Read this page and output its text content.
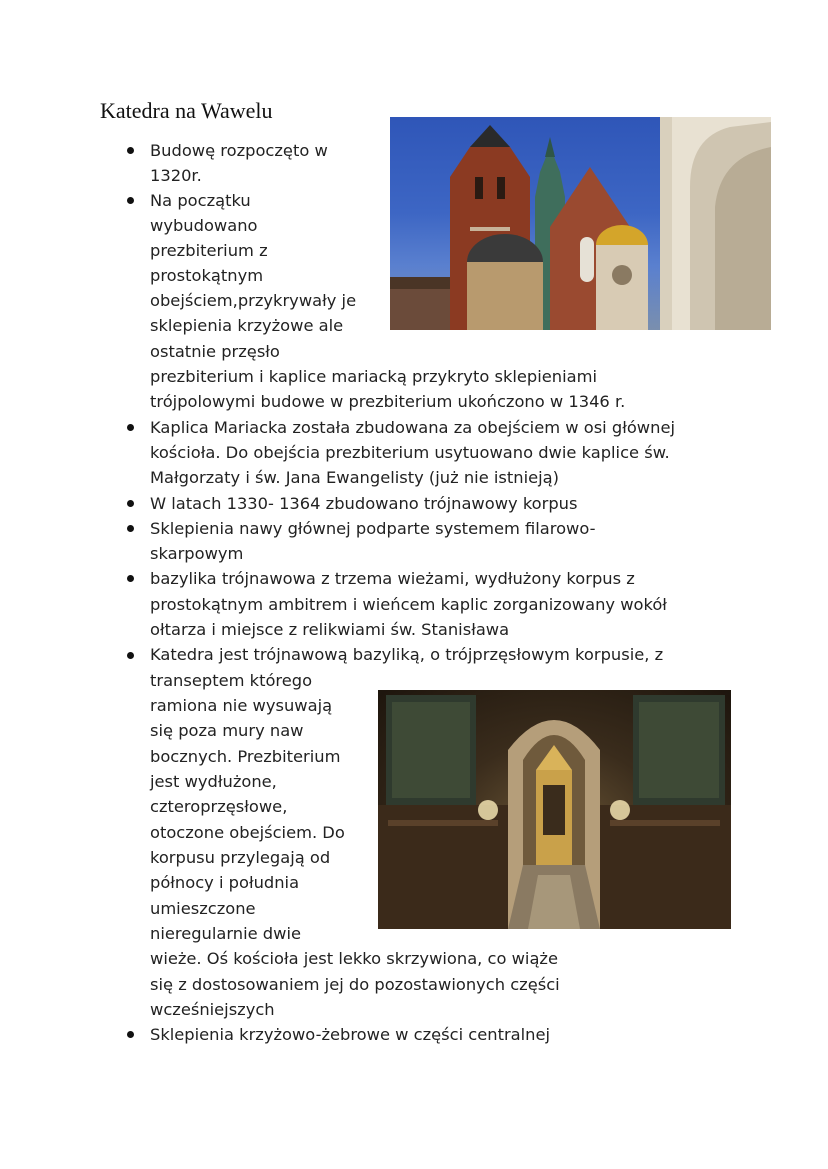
Katedra na Wawelu
Budowę rozpoczęto w
1320r.
Na początku
wybudowano
prezbiterium z
prostokątnym
obejściem,przykrywały je
sklepienia krzyżowe ale
ostatnie przęsło
prezbiterium i kaplice mariacką przykryto sklepieniami
trójpolowymi budowe w prezbiterium ukończono w 1346 r.
Kaplica Mariacka została zbudowana za obejściem w osi głównej
kościoła. Do obejścia prezbiterium usytuowano dwie kaplice św.
Małgorzaty i św. Jana Ewangelisty (już nie istnieją)
W latach 1330- 1364 zbudowano trójnawowy korpus
Sklepienia nawy głównej podparte systemem filarowo-
skarpowym
bazylika trójnawowa z trzema wieżami, wydłużony korpus z
prostokątnym ambitrem i wieńcem kaplic zorganizowany wokół
ołtarza i miejsce z relikwiami św. Stanisława
Katedra jest trójnawową bazyliką, o trójprzęsłowym korpusie, z
transeptem którego
ramiona nie wysuwają
się poza mury naw
bocznych. Prezbiterium
jest wydłużone,
czteroprzęsłowe,
otoczone obejściem. Do
korpusu przylegają od
północy i południa
umieszczone
nieregularnie dwie
wieże. Oś kościoła jest lekko skrzywiona, co wiąże
się z dostosowaniem jej do pozostawionych części
wcześniejszych
Sklepienia krzyżowo-żebrowe w części centralnej
